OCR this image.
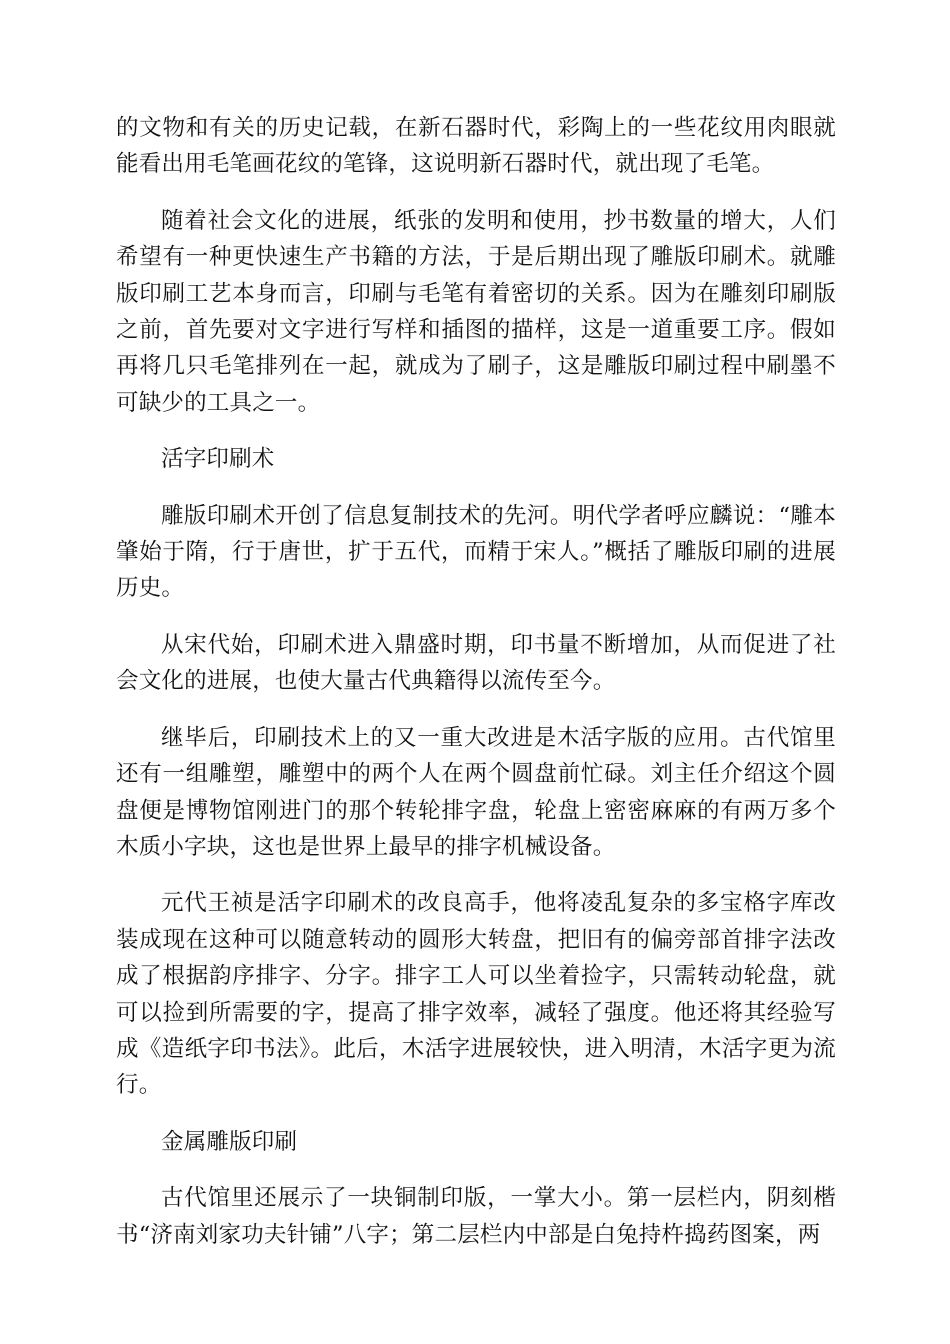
的文物和有关的历史记载，在新石器时代，彩陶上的一些花纹用肉眼就能看出用毛笔画花纹的笔锋，这说明新石器时代，就出现了毛笔。

随着社会文化的进展，纸张的发明和使用，抄书数量的增大，人们希望有一种更快速生产书籍的方法，于是后期出现了雕版印刷术。就雕版印刷工艺本身而言，印刷与毛笔有着密切的关系。因为在雕刻印刷版之前，首先要对文字进行写样和插图的描样，这是一道重要工序。假如再将几只毛笔排列在一起，就成为了刷子，这是雕版印刷过程中刷墨不可缺少的工具之一。

活字印刷术

雕版印刷术开创了信息复制技术的先河。明代学者呼应麟说：“雕本肇始于隋，行于唐世，扩于五代，而精于宋人。”概括了雕版印刷的进展历史。

从宋代始，印刷术进入鼎盛时期，印书量不断增加，从而促进了社会文化的进展，也使大量古代典籍得以流传至今。

继毕后，印刷技术上的又一重大改进是木活字版的应用。古代馆里还有一组雕塑，雕塑中的两个人在两个圆盘前忙碌。刘主任介绍这个圆盘便是博物馆刚进门的那个转轮排字盘，轮盘上密密麻麻的有两万多个木质小字块，这也是世界上最早的排字机械设备。

元代王祯是活字印刷术的改良高手，他将凌乱复杂的多宝格字库改装成现在这种可以随意转动的圆形大转盘，把旧有的偏旁部首排字法改成了根据韵序排字、分字。排字工人可以坐着捡字，只需转动轮盘，就可以捡到所需要的字，提高了排字效率，减轻了强度。他还将其经验写成《造纸字印书法》。此后，木活字进展较快，进入明清，木活字更为流行。

金属雕版印刷

古代馆里还展示了一块铜制印版，一掌大小。第一层栏内，阴刻楷书“济南刘家功夫针铺”八字；第二层栏内中部是白兔持杵捣药图案，两
